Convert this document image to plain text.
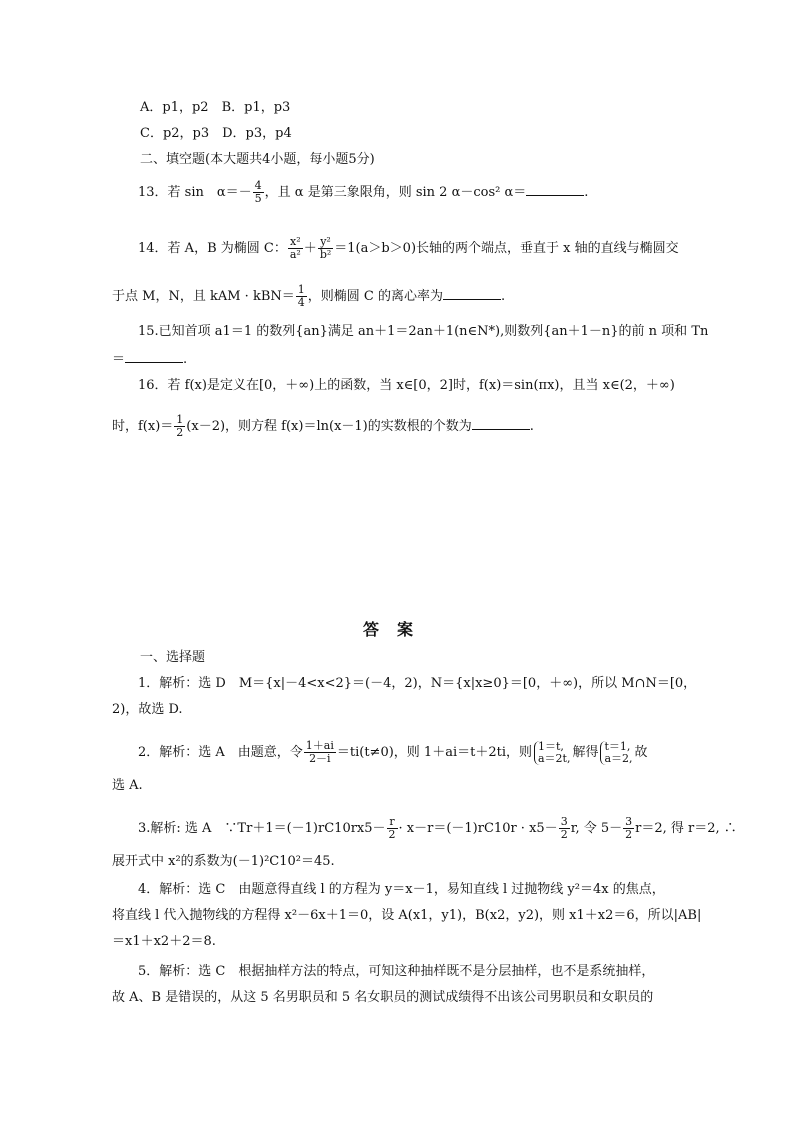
A．p1，p2　B．p1，p3
C．p2，p3　D．p3，p4
二、填空题(本大题共4小题，每小题5分)
13．若 sin　$\alpha=- \frac{4}{5}$ ，且 α 是第三象限角，则 sin 2 α－cos² α＝	.
14．若 A，B 为椭圆 C： $\frac{\text{x²}}{\text{a²}} + \frac{\text{y²}}{\text{b²}} =1(a>b>0)$长轴的两个端点，垂直于 x 轴的直线与椭圆交
于点 M，N，且 kAM · $kBN= \frac{1}{4}$ ，则椭圆 C 的离心率为	.
15.已知首项 a1＝1 的数列{an}满足 an＋1＝2an＋1(n∈N*),则数列{an＋1－n}的前 n 项和 Tn
＝	.
16．若 f(x)是定义在[0，＋∞)上的函数，当 x∈[0，2]时，f(x)＝sin(πx)，且当 x∈(2，＋∞)
时，$f(x)= \frac{1}{2} (x-2)$，则方程 f(x)＝ln(x－1)的实数根的个数为	.
答案
一、选择题
1．解析：选 D　M＝{x|－4<x<2}＝(－4，2)，N＝{x|x≥0}＝[0，＋∞)，所以 M∩N＝[0，
2)，故选 D.
2．解析：选 A　由题意，令 $\frac{1+ai}{2-i} =ti(t\ne 0)$，则 1＋ai＝t＋2ti，则 1＝t,
a＝2t, 解得 t＝1,
a＝2, 故
选 A.
3.解析: 选 A　∵Tr＋1＝(－1)rC10rx5－ $\frac{r}{2} \cdot x-r=(-1)rC10r \cdot x5- \frac{3}{2} r$, 令 $5- \frac{3}{2} r=2$, 得 r＝2, ∴
展开式中 x²的系数为(－1)²C10²＝45.
4．解析：选 C　由题意得直线 l 的方程为 y＝x－1，易知直线 l 过抛物线 y²＝4x 的焦点，
将直线 l 代入抛物线的方程得 x²－6x＋1＝0，设 A(x1，y1)，B(x2，y2)，则 x1＋x2＝6，所以|AB|
＝x1＋x2＋2＝8.
5．解析：选 C　根据抽样方法的特点，可知这种抽样既不是分层抽样，也不是系统抽样，
故 A、B 是错误的，从这 5 名男职员和 5 名女职员的测试成绩得不出该公司男职员和女职员的
